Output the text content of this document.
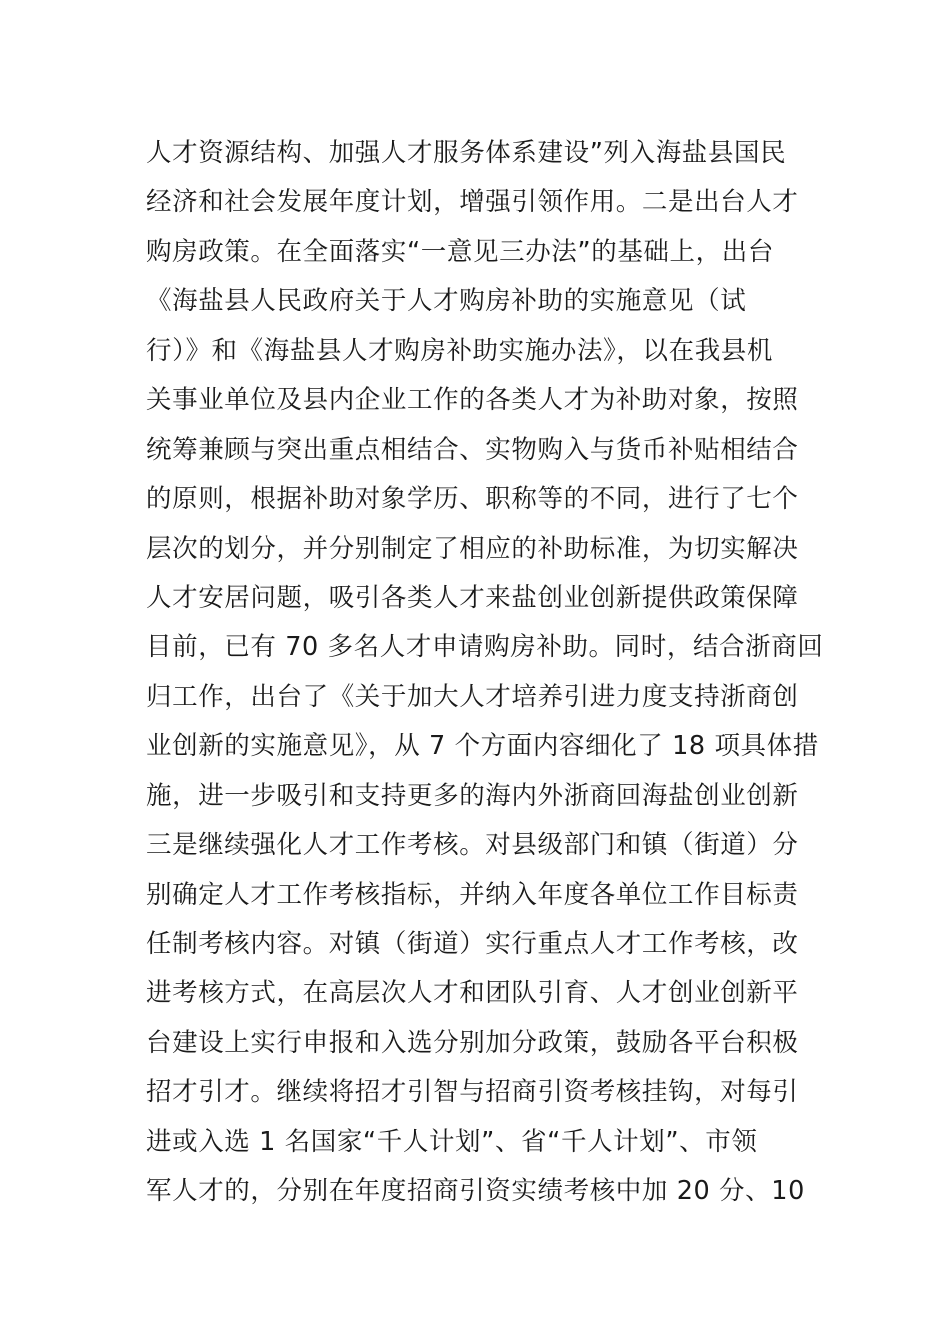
人才资源结构、加强人才服务体系建设”列入海盐县国民
经济和社会发展年度计划，增强引领作用。二是出台人才
购房政策。在全面落实“一意见三办法”的基础上，出台
《海盐县人民政府关于人才购房补助的实施意见（试
行）》和《海盐县人才购房补助实施办法》，以在我县机
关事业单位及县内企业工作的各类人才为补助对象，按照
统筹兼顾与突出重点相结合、实物购入与货币补贴相结合
的原则，根据补助对象学历、职称等的不同，进行了七个
层次的划分，并分别制定了相应的补助标准，为切实解决
人才安居问题，吸引各类人才来盐创业创新提供政策保障
目前，已有 70 多名人才申请购房补助。同时，结合浙商回
归工作，出台了《关于加大人才培养引进力度支持浙商创
业创新的实施意见》，从 7 个方面内容细化了 18 项具体措
施，进一步吸引和支持更多的海内外浙商回海盐创业创新
三是继续强化人才工作考核。对县级部门和镇（街道）分
别确定人才工作考核指标，并纳入年度各单位工作目标责
任制考核内容。对镇（街道）实行重点人才工作考核，改
进考核方式，在高层次人才和团队引育、人才创业创新平
台建设上实行申报和入选分别加分政策，鼓励各平台积极
招才引才。继续将招才引智与招商引资考核挂钩，对每引
进或入选 1 名国家“千人计划”、省“千人计划”、市领
军人才的，分别在年度招商引资实绩考核中加 20 分、10
